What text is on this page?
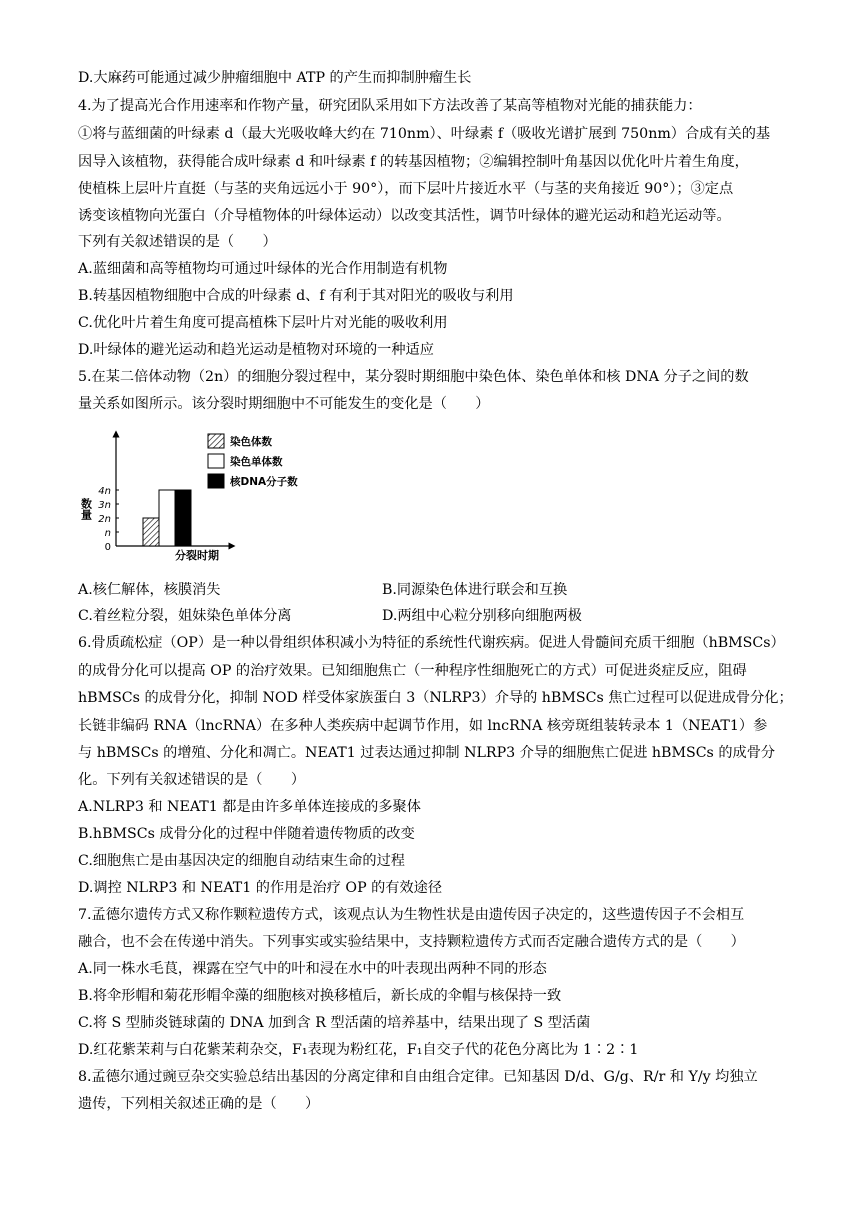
D.大麻药可能通过减少肿瘤细胞中 ATP 的产生而抑制肿瘤生长
4.为了提高光合作用速率和作物产量，研究团队采用如下方法改善了某高等植物对光能的捕获能力：
①将与蓝细菌的叶绿素 d（最大光吸收峰大约在 710nm）、叶绿素 f（吸收光谱扩展到 750nm）合成有关的基
因导入该植物，获得能合成叶绿素 d 和叶绿素 f 的转基因植物；②编辑控制叶角基因以优化叶片着生角度，
使植株上层叶片直挺（与茎的夹角远远小于 90°），而下层叶片接近水平（与茎的夹角接近 90°）；③定点
诱变该植物向光蛋白（介导植物体的叶绿体运动）以改变其活性，调节叶绿体的避光运动和趋光运动等。
下列有关叙述错误的是（　　）
A.蓝细菌和高等植物均可通过叶绿体的光合作用制造有机物
B.转基因植物细胞中合成的叶绿素 d、f 有利于其对阳光的吸收与利用
C.优化叶片着生角度可提高植株下层叶片对光能的吸收利用
D.叶绿体的避光运动和趋光运动是植物对环境的一种适应
5.在某二倍体动物（2n）的细胞分裂过程中，某分裂时期细胞中染色体、染色单体和核 DNA 分子之间的数
量关系如图所示。该分裂时期细胞中不可能发生的变化是（　　）
0
n
2n
3n
4n
染色体数
染色单体数
核DNA分子数
数量
分裂时期
A.核仁解体，核膜消失	B.同源染色体进行联会和互换
C.着丝粒分裂，姐妹染色单体分离	D.两组中心粒分别移向细胞两极
6.骨质疏松症（OP）是一种以骨组织体积减小为特征的系统性代谢疾病。促进人骨髓间充质干细胞（hBMSCs）
的成骨分化可以提高 OP 的治疗效果。已知细胞焦亡（一种程序性细胞死亡的方式）可促进炎症反应，阻碍
hBMSCs 的成骨分化，抑制 NOD 样受体家族蛋白 3（NLRP3）介导的 hBMSCs 焦亡过程可以促进成骨分化；
长链非编码 RNA（lncRNA）在多种人类疾病中起调节作用，如 lncRNA 核旁斑组装转录本 1（NEAT1）参
与 hBMSCs 的增殖、分化和凋亡。NEAT1 过表达通过抑制 NLRP3 介导的细胞焦亡促进 hBMSCs 的成骨分
化。下列有关叙述错误的是（　　）
A.NLRP3 和 NEAT1 都是由许多单体连接成的多聚体
B.hBMSCs 成骨分化的过程中伴随着遗传物质的改变
C.细胞焦亡是由基因决定的细胞自动结束生命的过程
D.调控 NLRP3 和 NEAT1 的作用是治疗 OP 的有效途径
7.孟德尔遗传方式又称作颗粒遗传方式，该观点认为生物性状是由遗传因子决定的，这些遗传因子不会相互
融合，也不会在传递中消失。下列事实或实验结果中，支持颗粒遗传方式而否定融合遗传方式的是（　　）
A.同一株水毛茛，裸露在空气中的叶和浸在水中的叶表现出两种不同的形态
B.将伞形帽和菊花形帽伞藻的细胞核对换移植后，新长成的伞帽与核保持一致
C.将 S 型肺炎链球菌的 DNA 加到含 R 型活菌的培养基中，结果出现了 S 型活菌
D.红花紫茉莉与白花紫茉莉杂交，F₁表现为粉红花，F₁自交子代的花色分离比为 1∶2∶1
8.孟德尔通过豌豆杂交实验总结出基因的分离定律和自由组合定律。已知基因 D/d、G/g、R/r 和 Y/y 均独立
遗传，下列相关叙述正确的是（　　）
